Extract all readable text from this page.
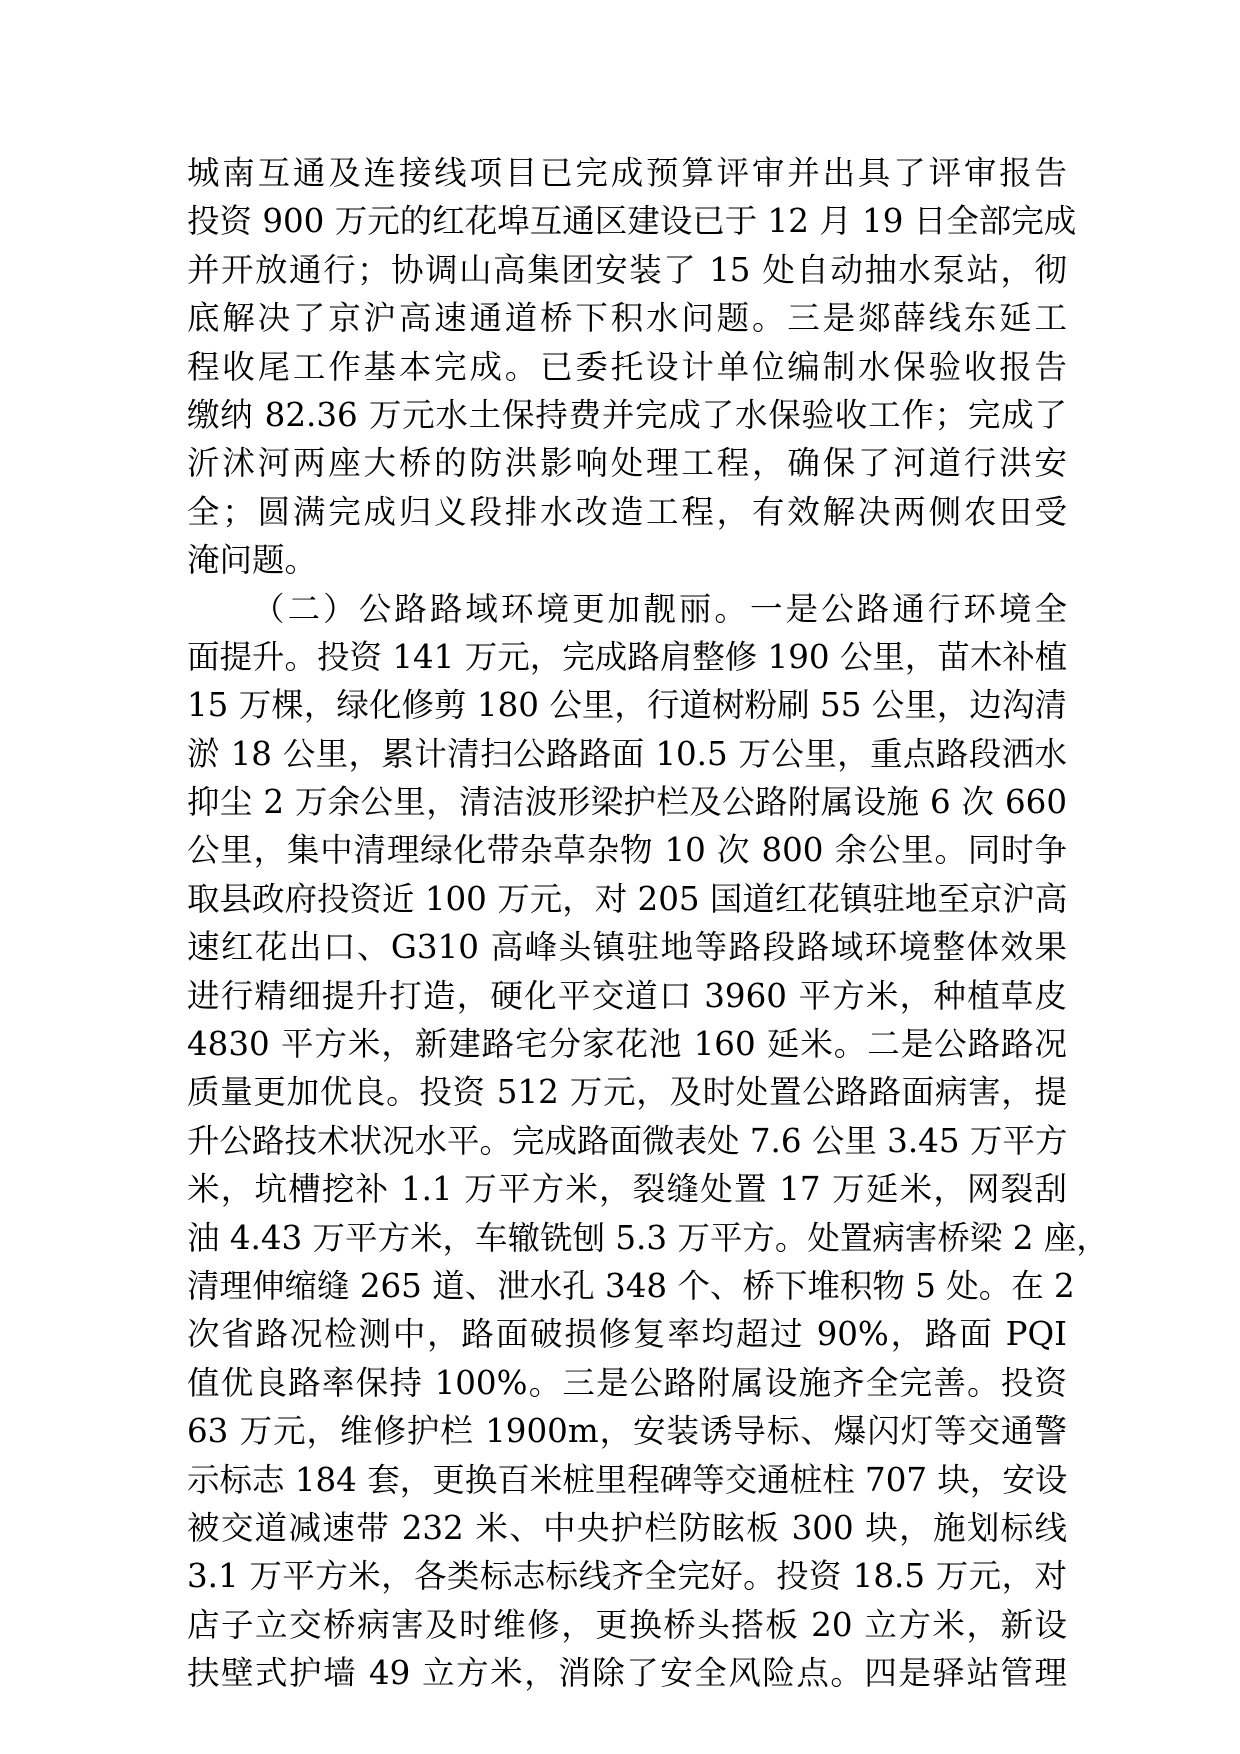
城南互通及连接线项目已完成预算评审并出具了评审报告
投资 900 万元的红花埠互通区建设已于 12 月 19 日全部完成
并开放通行；协调山高集团安装了 15 处自动抽水泵站，彻
底解决了京沪高速通道桥下积水问题。三是郯薛线东延工
程收尾工作基本完成。已委托设计单位编制水保验收报告
缴纳 82.36 万元水土保持费并完成了水保验收工作；完成了
沂沭河两座大桥的防洪影响处理工程，确保了河道行洪安
全；圆满完成归义段排水改造工程，有效解决两侧农田受
淹问题。
（二）公路路域环境更加靓丽。一是公路通行环境全
面提升。投资 141 万元，完成路肩整修 190 公里，苗木补植
15 万棵，绿化修剪 180 公里，行道树粉刷 55 公里，边沟清
淤 18 公里，累计清扫公路路面 10.5 万公里，重点路段洒水
抑尘 2 万余公里，清洁波形梁护栏及公路附属设施 6 次 660
公里，集中清理绿化带杂草杂物 10 次 800 余公里。同时争
取县政府投资近 100 万元，对 205 国道红花镇驻地至京沪高
速红花出口、G310 高峰头镇驻地等路段路域环境整体效果
进行精细提升打造，硬化平交道口 3960 平方米，种植草皮
4830 平方米，新建路宅分家花池 160 延米。二是公路路况
质量更加优良。投资 512 万元，及时处置公路路面病害，提
升公路技术状况水平。完成路面微表处 7.6 公里 3.45 万平方
米，坑槽挖补 1.1 万平方米，裂缝处置 17 万延米，网裂刮
油 4.43 万平方米，车辙铣刨 5.3 万平方。处置病害桥梁 2 座，
清理伸缩缝 265 道、泄水孔 348 个、桥下堆积物 5 处。在 2
次省路况检测中，路面破损修复率均超过 90%，路面 PQI
值优良路率保持 100%。三是公路附属设施齐全完善。投资
63 万元，维修护栏 1900m，安装诱导标、爆闪灯等交通警
示标志 184 套，更换百米桩里程碑等交通桩柱 707 块，安设
被交道减速带 232 米、中央护栏防眩板 300 块，施划标线
3.1 万平方米，各类标志标线齐全完好。投资 18.5 万元，对
店子立交桥病害及时维修，更换桥头搭板 20 立方米，新设
扶壁式护墙 49 立方米，消除了安全风险点。四是驿站管理
